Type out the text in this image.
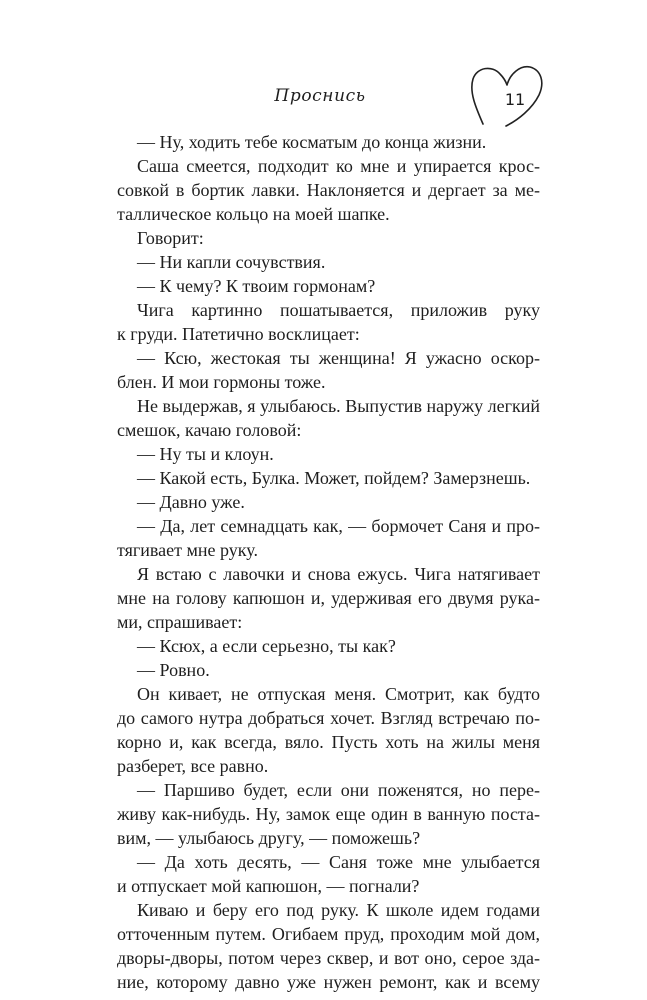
Проснись	11
— Ну, ходить тебе косматым до конца жизни.
Саша смеется, подходит ко мне и упирается крос-
совкой в бортик лавки. Наклоняется и дергает за ме-
таллическое кольцо на моей шапке.
Говорит:
— Ни капли сочувствия.
— К чему? К твоим гормонам?
Чига картинно пошатывается, приложив руку
к груди. Патетично восклицает:
— Ксю, жестокая ты женщина! Я ужасно оскор-
блен. И мои гормоны тоже.
Не выдержав, я улыбаюсь. Выпустив наружу легкий
смешок, качаю головой:
— Ну ты и клоун.
— Какой есть, Булка. Может, пойдем? Замерзнешь.
— Давно уже.
— Да, лет семнадцать как, — бормочет Саня и про-
тягивает мне руку.
Я встаю с лавочки и снова ежусь. Чига натягивает
мне на голову капюшон и, удерживая его двумя рука-
ми, спрашивает:
— Ксюх, а если серьезно, ты как?
— Ровно.
Он кивает, не отпуская меня. Смотрит, как будто
до самого нутра добраться хочет. Взгляд встречаю по-
корно и, как всегда, вяло. Пусть хоть на жилы меня
разберет, все равно.
— Паршиво будет, если они поженятся, но пере-
живу как-нибудь. Ну, замок еще один в ванную поста-
вим, — улыбаюсь другу, — поможешь?
— Да хоть десять, — Саня тоже мне улыбается
и отпускает мой капюшон, — погнали?
Киваю и беру его под руку. К школе идем годами
отточенным путем. Огибаем пруд, проходим мой дом,
дворы-дворы, потом через сквер, и вот оно, серое зда-
ние, которому давно уже нужен ремонт, как и всему
